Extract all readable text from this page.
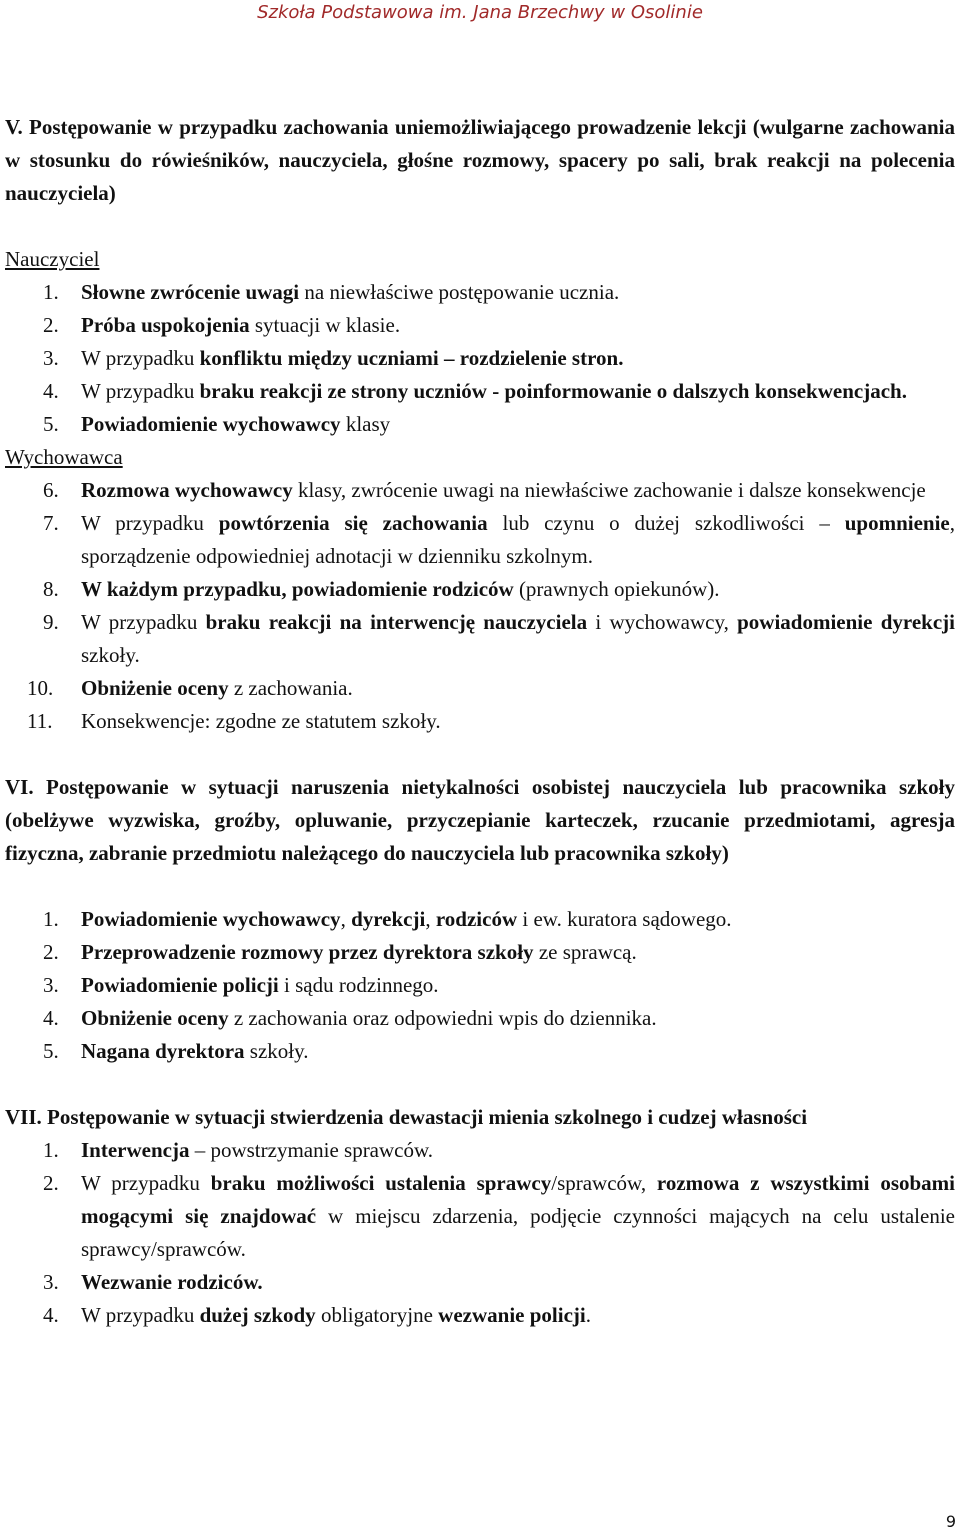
Szkoła Podstawowa im. Jana Brzechwy w Osolinie

V. Postępowanie w przypadku zachowania uniemożliwiającego prowadzenie lekcji (wulgarne zachowania w stosunku do rówieśników, nauczyciela, głośne rozmowy, spacery po sali, brak reakcji na polecenia nauczyciela)

Nauczyciel

1. Słowne zwrócenie uwagi na niewłaściwe postępowanie ucznia.
2. Próba uspokojenia sytuacji w klasie.
3. W przypadku konfliktu między uczniami – rozdzielenie stron.
4. W przypadku braku reakcji ze strony uczniów - poinformowanie o dalszych konsekwencjach.
5. Powiadomienie wychowawcy klasy

Wychowawca

6. Rozmowa wychowawcy klasy, zwrócenie uwagi na niewłaściwe zachowanie i dalsze konsekwencje
7. W przypadku powtórzenia się zachowania lub czynu o dużej szkodliwości – upomnienie, sporządzenie odpowiedniej adnotacji w dzienniku szkolnym.
8. W każdym przypadku, powiadomienie rodziców (prawnych opiekunów).
9. W przypadku braku reakcji na interwencję nauczyciela i wychowawcy, powiadomienie dyrekcji szkoły.
10. Obniżenie oceny z zachowania.
11. Konsekwencje: zgodne ze statutem szkoły.

VI. Postępowanie w sytuacji naruszenia nietykalności osobistej nauczyciela lub pracownika szkoły (obelżywe wyzwiska, groźby, opluwanie, przyczepianie karteczek, rzucanie przedmiotami, agresja fizyczna, zabranie przedmiotu należącego do nauczyciela lub pracownika szkoły)

1. Powiadomienie wychowawcy, dyrekcji, rodziców i ew. kuratora sądowego.
2. Przeprowadzenie rozmowy przez dyrektora szkoły ze sprawcą.
3. Powiadomienie policji i sądu rodzinnego.
4. Obniżenie oceny z zachowania oraz odpowiedni wpis do dziennika.
5. Nagana dyrektora szkoły.

VII. Postępowanie w sytuacji stwierdzenia dewastacji mienia szkolnego i cudzej własności

1. Interwencja – powstrzymanie sprawców.
2. W przypadku braku możliwości ustalenia sprawcy/sprawców, rozmowa z wszystkimi osobami mogącymi się znajdować w miejscu zdarzenia, podjęcie czynności mających na celu ustalenie sprawcy/sprawców.
3. Wezwanie rodziców.
4. W przypadku dużej szkody obligatoryjne wezwanie policji.
9
